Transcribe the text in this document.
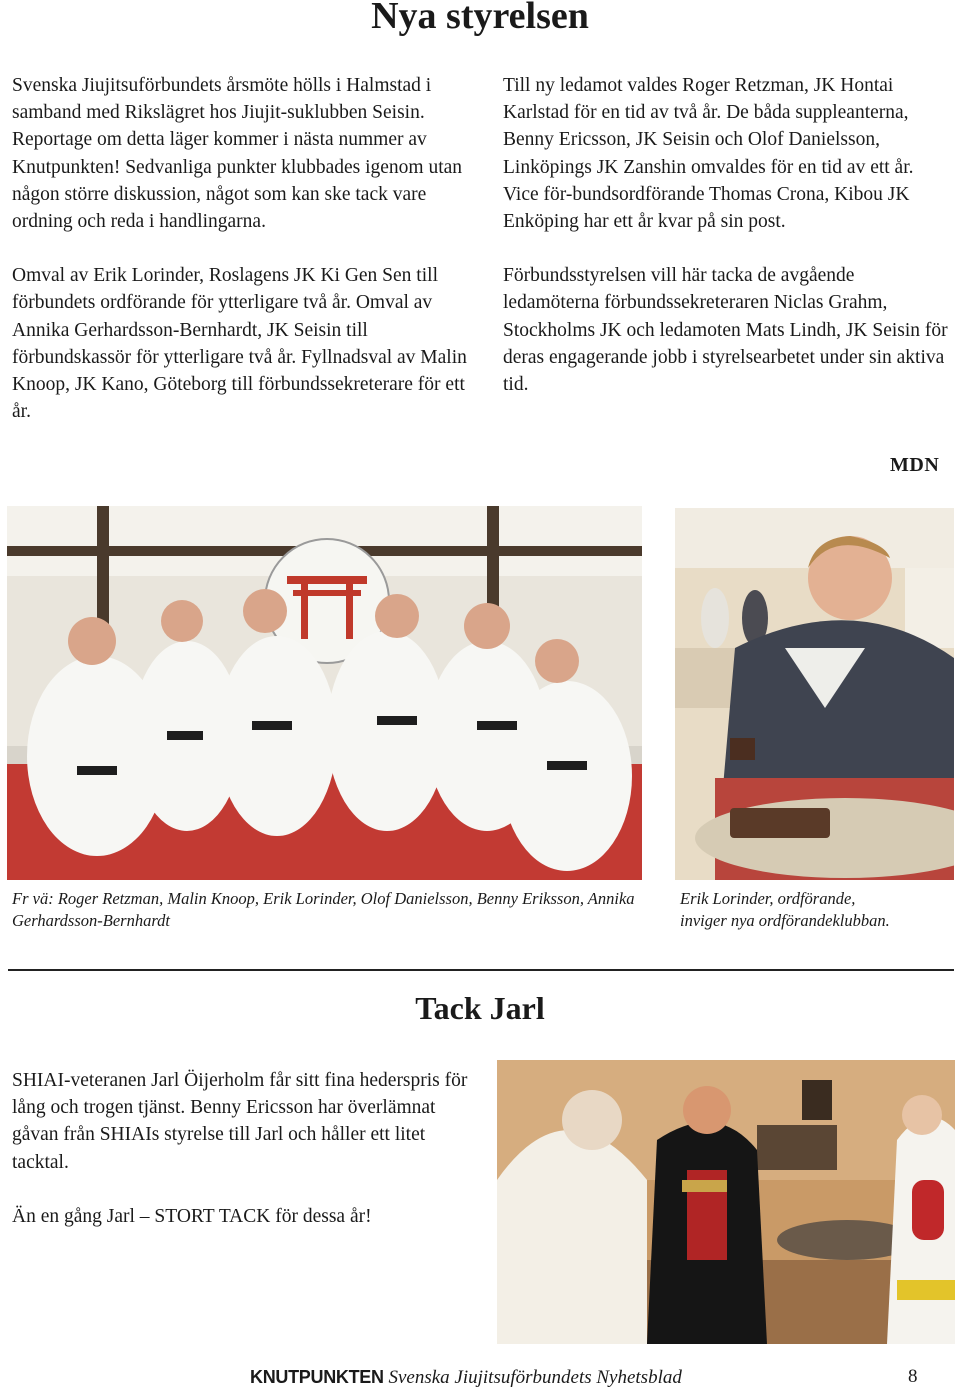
Nya styrelsen

Svenska Jiujitsuförbundets årsmöte hölls i Halmstad i samband med Rikslägret hos Jiujit-suklubben Seisin. Reportage om detta läger kommer i nästa nummer av Knutpunkten! Sedvanliga punkter klubbades igenom utan någon större diskussion, något som kan ske tack vare ordning och reda i handlingarna.

Omval av Erik Lorinder, Roslagens JK Ki Gen Sen till förbundets ordförande för ytterligare två år. Omval av Annika Gerhardsson-Bernhardt, JK Seisin till förbundskassör för ytterligare två år. Fyllnadsval av Malin Knoop, JK Kano, Göteborg till förbundssekreterare för ett år.

Till ny ledamot valdes Roger Retzman, JK Hontai Karlstad för en tid av två år. De båda suppleanterna, Benny Ericsson, JK Seisin och Olof Danielsson, Linköpings JK Zanshin omvaldes för en tid av ett år. Vice för-bundsordförande Thomas Crona, Kibou JK Enköping har ett år kvar på sin post.

Förbundsstyrelsen vill här tacka de avgående ledamöterna förbundssekreteraren Niclas Grahm, Stockholms JK och ledamoten Mats Lindh, JK Seisin för deras engagerande jobb i styrelsearbetet under sin aktiva tid.

MDN

Fr vä: Roger Retzman, Malin Knoop, Erik Lorinder, Olof Danielsson, Benny Eriksson, Annika Gerhardsson-Bernhardt

Erik Lorinder, ordförande,

inviger nya ordförandeklubban.

Tack Jarl

SHIAI-veteranen Jarl Öijerholm får sitt fina hederspris för lång och trogen tjänst. Benny Ericsson har överlämnat gåvan från SHIAIs styrelse till Jarl och håller ett litet tacktal.

Än en gång Jarl – STORT TACK för dessa år!

KNUTPUNKTEN Svenska Jiujitsuförbundets Nyhetsblad	8
